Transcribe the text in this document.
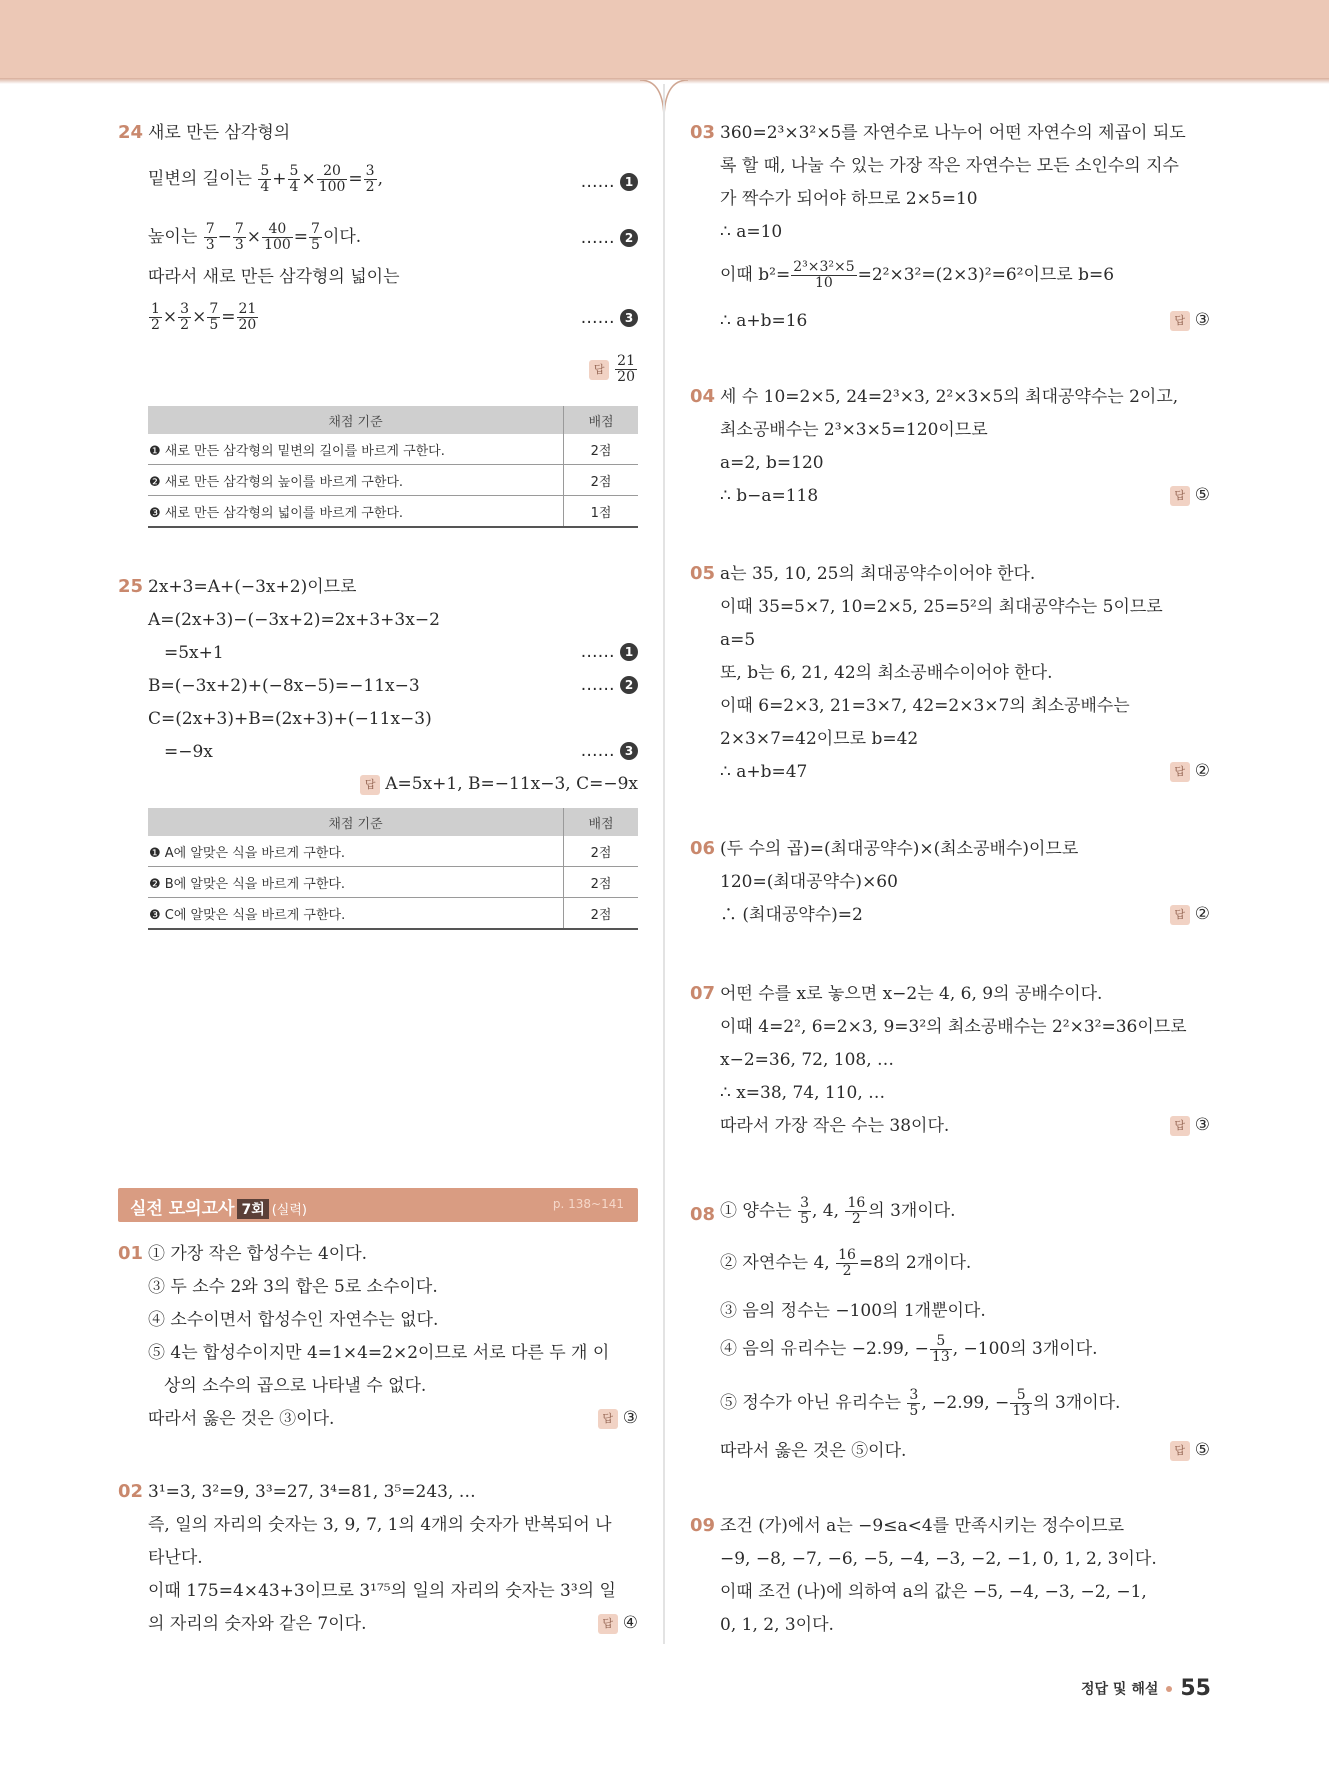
24 새로 만든 삼각형의
밑변의 길이는 $\frac{5}{4} + \frac{5}{4} \times \frac{20}{100} = \frac{3}{2}$ ,	…… 1
높이는 $\frac{7}{3} - \frac{7}{3} \times \frac{40}{100} = \frac{7}{5}$ 이다.	…… 2
따라서 새로 만든 삼각형의 넓이는
$\frac{1}{2} \times \frac{3}{2} \times \frac{7}{5} = \frac{21}{20}$	…… 3
답 $\frac{21}{20}$
채점 기준	배점
❶ 새로 만든 삼각형의 밑변의 길이를 바르게 구한다.	2점
❷ 새로 만든 삼각형의 높이를 바르게 구한다.	2점
❸ 새로 만든 삼각형의 넓이를 바르게 구한다.	1점
25 2x+3=A+(−3x+2)이므로
A=(2x+3)−(−3x+2)=2x+3+3x−2
=5x+1	…… 1
B=(−3x+2)+(−8x−5)=−11x−3	…… 2
C=(2x+3)+B=(2x+3)+(−11x−3)
=−9x	…… 3
답 A=5x+1, B=−11x−3, C=−9x
채점 기준	배점
❶ A에 알맞은 식을 바르게 구한다.	2점
❷ B에 알맞은 식을 바르게 구한다.	2점
❸ C에 알맞은 식을 바르게 구한다.	2점
실전 모의고사 7회 (실력)	p. 138~141
01 ① 가장 작은 합성수는 4이다.
③ 두 소수 2와 3의 합은 5로 소수이다.
④ 소수이면서 합성수인 자연수는 없다.
⑤ 4는 합성수이지만 4=1×4=2×2이므로 서로 다른 두 개 이
상의 소수의 곱으로 나타낼 수 없다.
따라서 옳은 것은 ③이다.	답 ③
02 3¹=3, 3²=9, 3³=27, 3⁴=81, 3⁵=243, …
즉, 일의 자리의 숫자는 3, 9, 7, 1의 4개의 숫자가 반복되어 나
타난다.
이때 175=4×43+3이므로 3¹⁷⁵의 일의 자리의 숫자는 3³의 일
의 자리의 숫자와 같은 7이다.	답 ④
03 360=2³×3²×5를 자연수로 나누어 어떤 자연수의 제곱이 되도
록 할 때, 나눌 수 있는 가장 작은 자연수는 모든 소인수의 지수
가 짝수가 되어야 하므로 2×5=10
∴ a=10
이때 $b^2= \frac{\text{2³×3²×5}}{10} =2^2\times 3^2=(2\times 3)^2=6^2$이므로 b=6
∴ a+b=16	답 ③
04 세 수 10=2×5, 24=2³×3, 2²×3×5의 최대공약수는 2이고,
최소공배수는 2³×3×5=120이므로
a=2, b=120
∴ b−a=118	답 ⑤
05 a는 35, 10, 25의 최대공약수이어야 한다.
이때 35=5×7, 10=2×5, 25=5²의 최대공약수는 5이므로
a=5
또, b는 6, 21, 42의 최소공배수이어야 한다.
이때 6=2×3, 21=3×7, 42=2×3×7의 최소공배수는
2×3×7=42이므로 b=42
∴ a+b=47	답 ②
06 (두 수의 곱)=(최대공약수)×(최소공배수)이므로
120=(최대공약수)×60
∴ (최대공약수)=2	답 ②
07 어떤 수를 x로 놓으면 x−2는 4, 6, 9의 공배수이다.
이때 4=2², 6=2×3, 9=3²의 최소공배수는 2²×3²=36이므로
x−2=36, 72, 108, …
∴ x=38, 74, 110, …
따라서 가장 작은 수는 38이다.	답 ③
08 ① 양수는 $\frac{3}{5}$ , 4, $\frac{16}{2}$ 의 3개이다.
② 자연수는 4, $\frac{16}{2} =8$의 2개이다.
③ 음의 정수는 −100의 1개뿐이다.
④ 음의 유리수는 −2.99, − $\frac{5}{13}$ , −100의 3개이다.
⑤ 정수가 아닌 유리수는 $\frac{3}{5}$ , −2.99, − $\frac{5}{13}$ 의 3개이다.
따라서 옳은 것은 ⑤이다.	답 ⑤
09 조건 (가)에서 a는 −9≤a<4를 만족시키는 정수이므로
−9, −8, −7, −6, −5, −4, −3, −2, −1, 0, 1, 2, 3이다.
이때 조건 (나)에 의하여 a의 값은 −5, −4, −3, −2, −1,
0, 1, 2, 3이다.
정답 및 해설 55
